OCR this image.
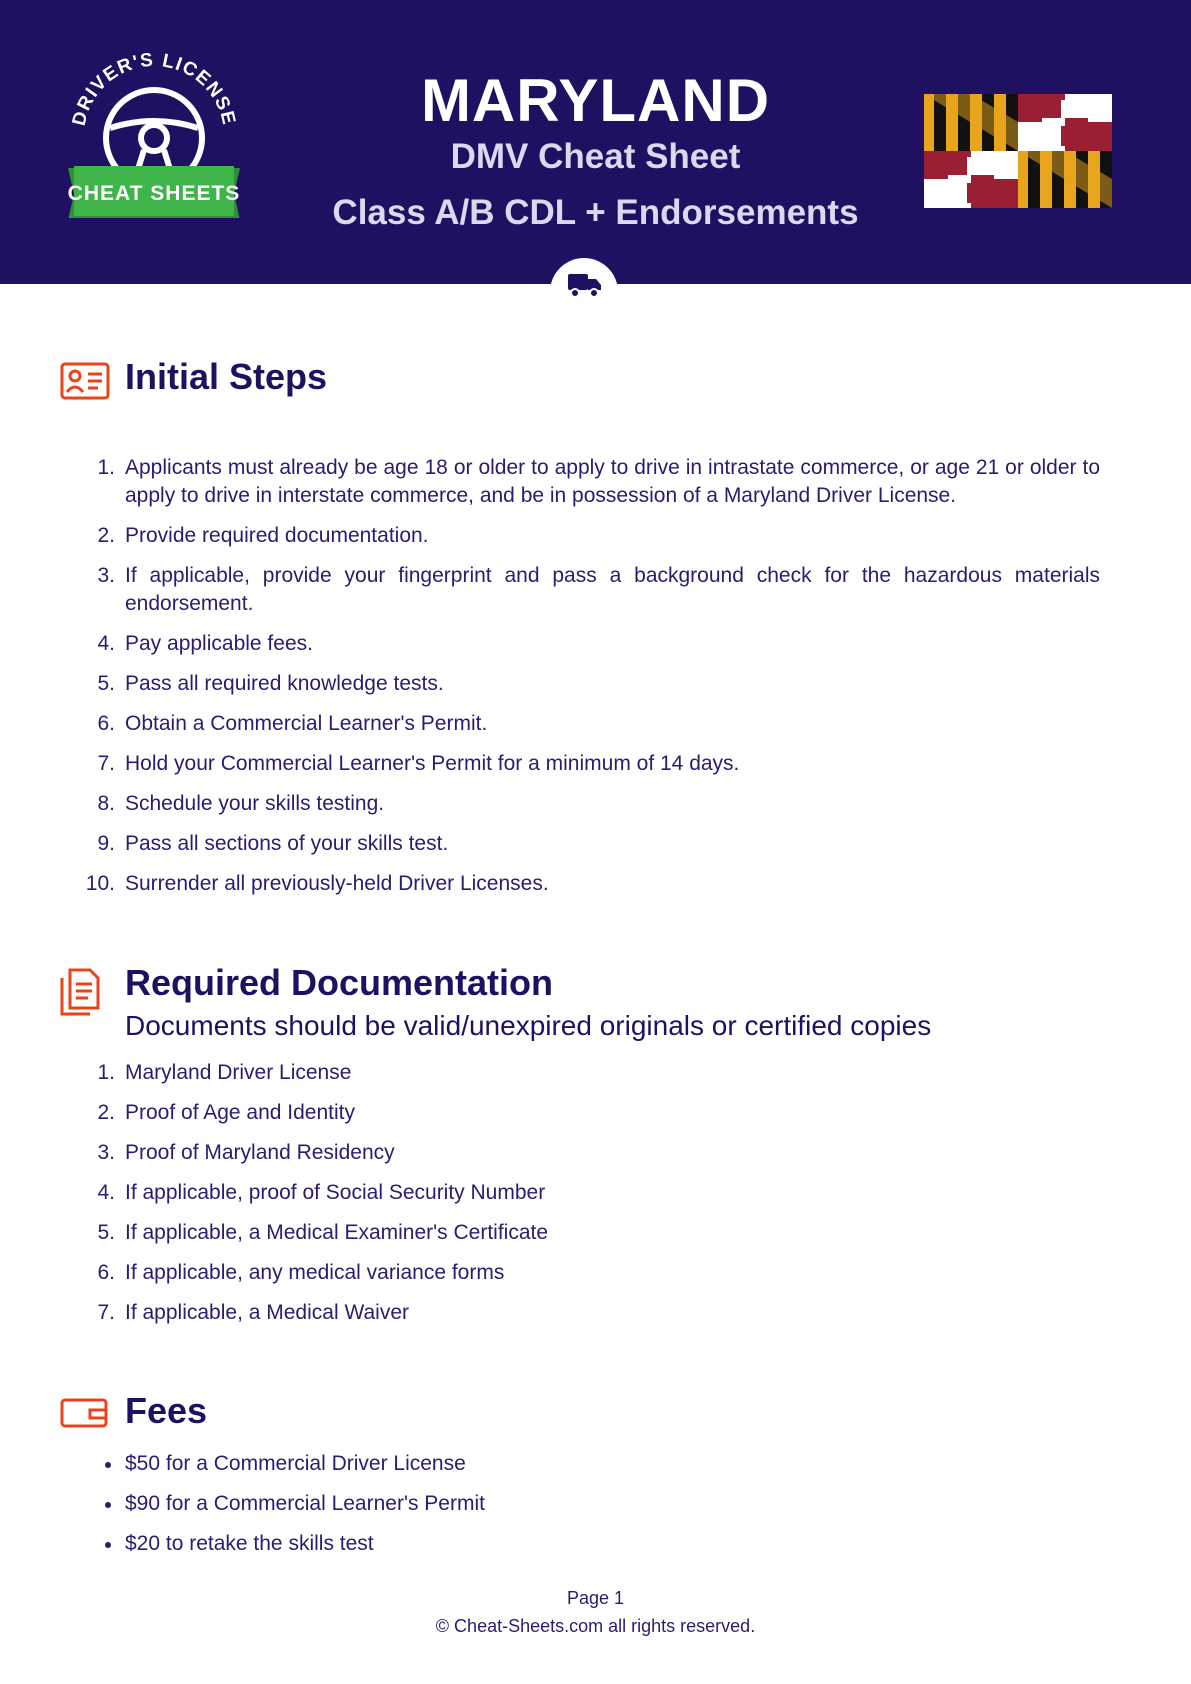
DRIVER'S LICENSE
CHEAT SHEETS
MARYLAND
DMV Cheat Sheet
Class A/B CDL + Endorsements
Initial Steps
1. Applicants must already be age 18 or older to apply to drive in intrastate commerce, or age 21 or older to apply to drive in interstate commerce, and be in possession of a Maryland Driver License.
2. Provide required documentation.
3. If applicable, provide your fingerprint and pass a background check for the hazardous materials endorsement.
4. Pay applicable fees.
5. Pass all required knowledge tests.
6. Obtain a Commercial Learner's Permit.
7. Hold your Commercial Learner's Permit for a minimum of 14 days.
8. Schedule your skills testing.
9. Pass all sections of your skills test.
10. Surrender all previously-held Driver Licenses.
Required Documentation
Documents should be valid/unexpired originals or certified copies
1. Maryland Driver License
2. Proof of Age and Identity
3. Proof of Maryland Residency
4. If applicable, proof of Social Security Number
5. If applicable, a Medical Examiner's Certificate
6. If applicable, any medical variance forms
7. If applicable, a Medical Waiver
Fees
$50 for a Commercial Driver License
$90 for a Commercial Learner's Permit
$20 to retake the skills test
Page 1
© Cheat-Sheets.com all rights reserved.
